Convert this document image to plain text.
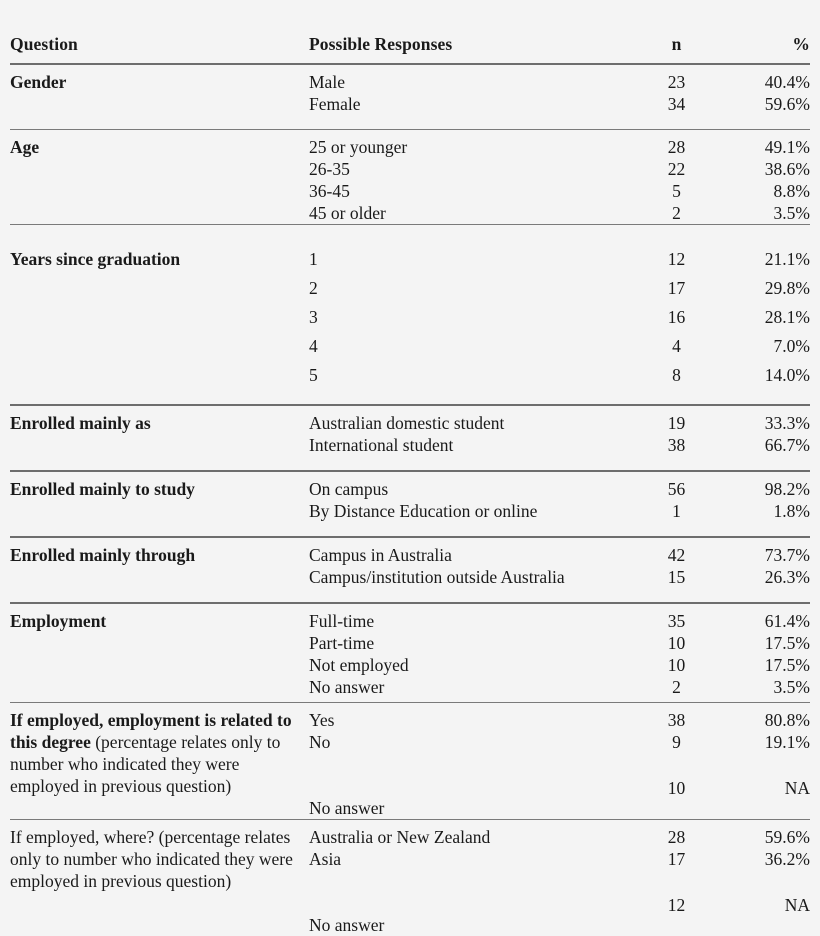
Question	Possible Responses	n	%

Gender	Male	23	40.4%
	Female	34	59.6%

Age	25 or younger	28	49.1%
	26-35	22	38.6%
	36-45	5	8.8%
	45 or older	2	3.5%

Years since graduation	1	12	21.1%
	2	17	29.8%
	3	16	28.1%
	4	4	7.0%
	5	8	14.0%

Enrolled mainly as	Australian domestic student	19	33.3%
	International student	38	66.7%

Enrolled mainly to study	On campus	56	98.2%
	By Distance Education or online	1	1.8%

Enrolled mainly through	Campus in Australia	42	73.7%
	Campus/institution outside Australia	15	26.3%

Employment	Full-time	35	61.4%
	Part-time	10	17.5%
	Not employed	10	17.5%
	No answer	2	3.5%

If employed, employment is related to this degree (percentage relates only to number who indicated they were employed in previous question)	Yes	38	80.8%
	No	9	19.1%
	No answer	10	NA

If employed, where? (percentage relates only to number who indicated they were employed in previous question)	Australia or New Zealand	28	59.6%
	Asia	17	36.2%
	No answer	12	NA
